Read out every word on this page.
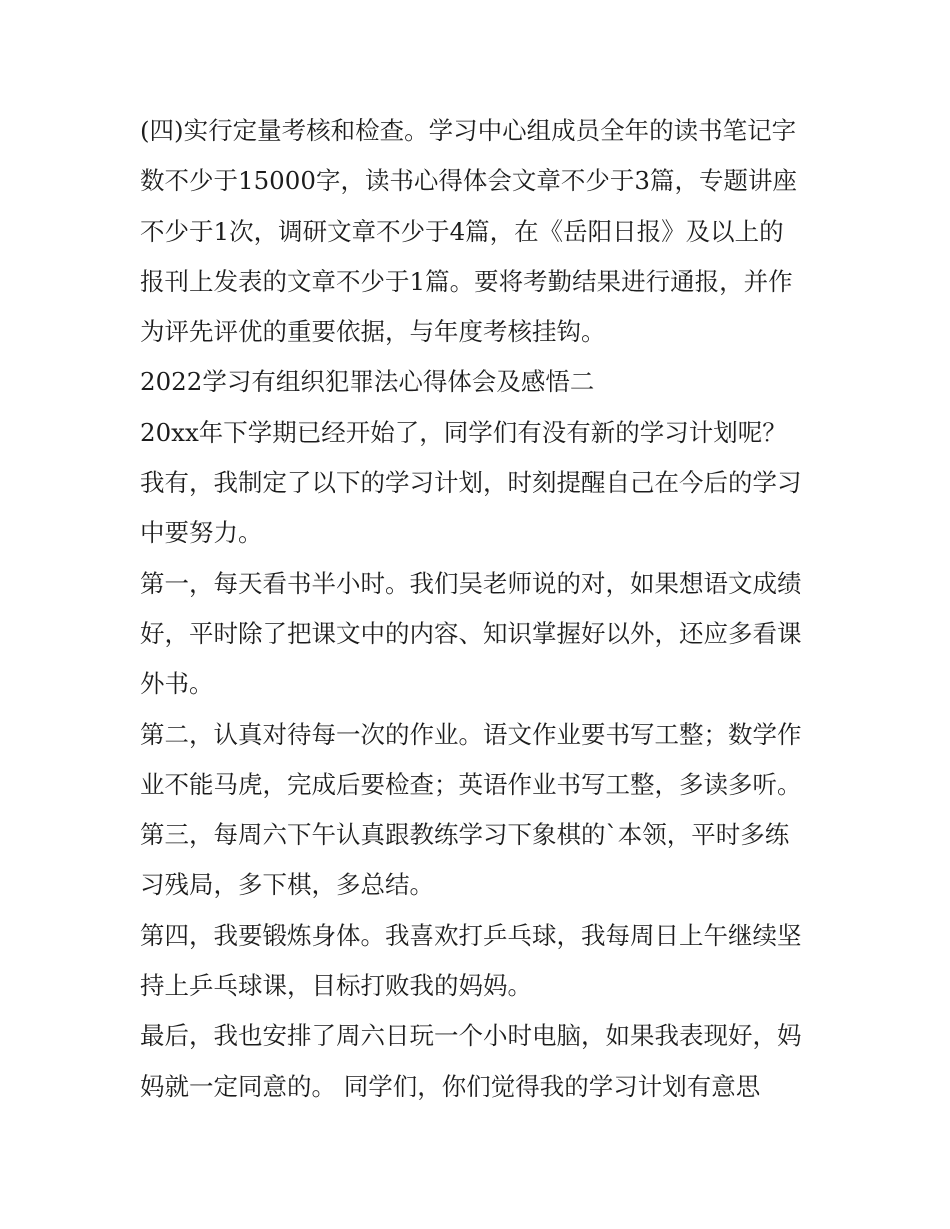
(四)实行定量考核和检查。学习中心组成员全年的读书笔记字
数不少于15000字，读书心得体会文章不少于3篇，专题讲座
不少于1次，调研文章不少于4篇，在《岳阳日报》及以上的
报刊上发表的文章不少于1篇。要将考勤结果进行通报，并作
为评先评优的重要依据，与年度考核挂钩。
2022学习有组织犯罪法心得体会及感悟二
20xx年下学期已经开始了，同学们有没有新的学习计划呢？
我有，我制定了以下的学习计划，时刻提醒自己在今后的学习
中要努力。
第一，每天看书半小时。我们吴老师说的对，如果想语文成绩
好，平时除了把课文中的内容、知识掌握好以外，还应多看课
外书。
第二，认真对待每一次的作业。语文作业要书写工整；数学作
业不能马虎，完成后要检查；英语作业书写工整，多读多听。
第三，每周六下午认真跟教练学习下象棋的`本领，平时多练
习残局，多下棋，多总结。
第四，我要锻炼身体。我喜欢打乒乓球，我每周日上午继续坚
持上乒乓球课，目标打败我的妈妈。
最后，我也安排了周六日玩一个小时电脑，如果我表现好，妈
妈就一定同意的。 同学们，你们觉得我的学习计划有意思
